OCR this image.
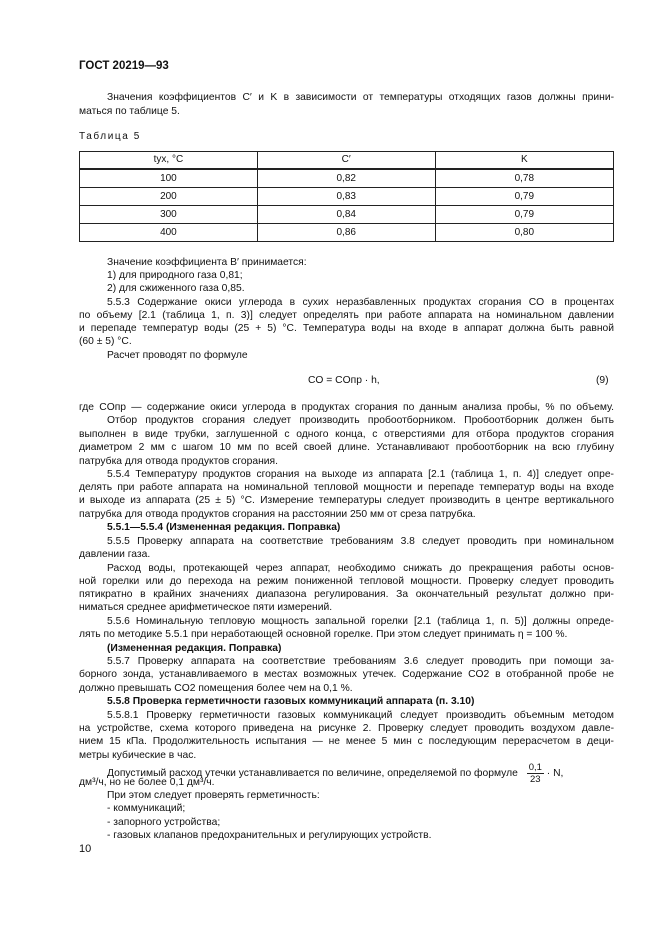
ГОСТ 20219—93
Значения коэффициентов C′ и K в зависимости от температуры отходящих газов должны прини-
маться по таблице 5.
Таблица 5
tух, °С	C′	K
100	0,82	0,78
200	0,83	0,79
300	0,84	0,79
400	0,86	0,80
Значение коэффициента B′ принимается:
1) для природного газа 0,81;
2) для сжиженного газа 0,85.
5.5.3 Содержание окиси углерода в сухих неразбавленных продуктах сгорания CO в процентах
по объему [2.1 (таблица 1, п. 3)] следует определять при работе аппарата на номинальном давлении
и перепаде температур воды (25 + 5) °С. Температура воды на входе в аппарат должна быть равной
(60 ± 5) °С.
Расчет проводят по формуле
CO = COпр · h,	(9)
где COпр — содержание окиси углерода в продуктах сгорания по данным анализа пробы, % по объему.
Отбор продуктов сгорания следует производить пробоотборником. Пробоотборник должен быть
выполнен в виде трубки, заглушенной с одного конца, с отверстиями для отбора продуктов сгорания
диаметром 2 мм с шагом 10 мм по всей своей длине. Устанавливают пробоотборник на всю глубину
патрубка для отвода продуктов сгорания.
5.5.4 Температуру продуктов сгорания на выходе из аппарата [2.1 (таблица 1, п. 4)] следует опре-
делять при работе аппарата на номинальной тепловой мощности и перепаде температур воды на входе
и выходе из аппарата (25 ± 5) °С. Измерение температуры следует производить в центре вертикального
патрубка для отвода продуктов сгорания на расстоянии 250 мм от среза патрубка.
5.5.1—5.5.4 (Измененная редакция. Поправка)
5.5.5 Проверку аппарата на соответствие требованиям 3.8 следует проводить при номинальном
давлении газа.
Расход воды, протекающей через аппарат, необходимо снижать до прекращения работы основ-
ной горелки или до перехода на режим пониженной тепловой мощности. Проверку следует проводить
пятикратно в крайних значениях диапазона регулирования. За окончательный результат должно при-
ниматься среднее арифметическое пяти измерений.
5.5.6 Номинальную тепловую мощность запальной горелки [2.1 (таблица 1, п. 5)] должны опреде-
лять по методике 5.5.1 при неработающей основной горелке. При этом следует принимать η = 100 %.
(Измененная редакция. Поправка)
5.5.7 Проверку аппарата на соответствие требованиям 3.6 следует проводить при помощи за-
борного зонда, устанавливаемого в местах возможных утечек. Содержание CO2 в отобранной пробе не
должно превышать CO2 помещения более чем на 0,1 %.
5.5.8 Проверка герметичности газовых коммуникаций аппарата (п. 3.10)
5.5.8.1 Проверку герметичности газовых коммуникаций следует производить объемным методом
на устройстве, схема которого приведена на рисунке 2. Проверку следует проводить воздухом давле-
нием 15 кПа. Продолжительность испытания — не менее 5 мин с последующим перерасчетом в деци-
метры кубические в час.
Допустимый расход утечки устанавливается по величине, определяемой по формуле $\frac{0,1}{23} \cdot N$,
дм³/ч, но не более 0,1 дм³/ч.
При этом следует проверять герметичность:
- коммуникаций;
- запорного устройства;
- газовых клапанов предохранительных и регулирующих устройств.
10
